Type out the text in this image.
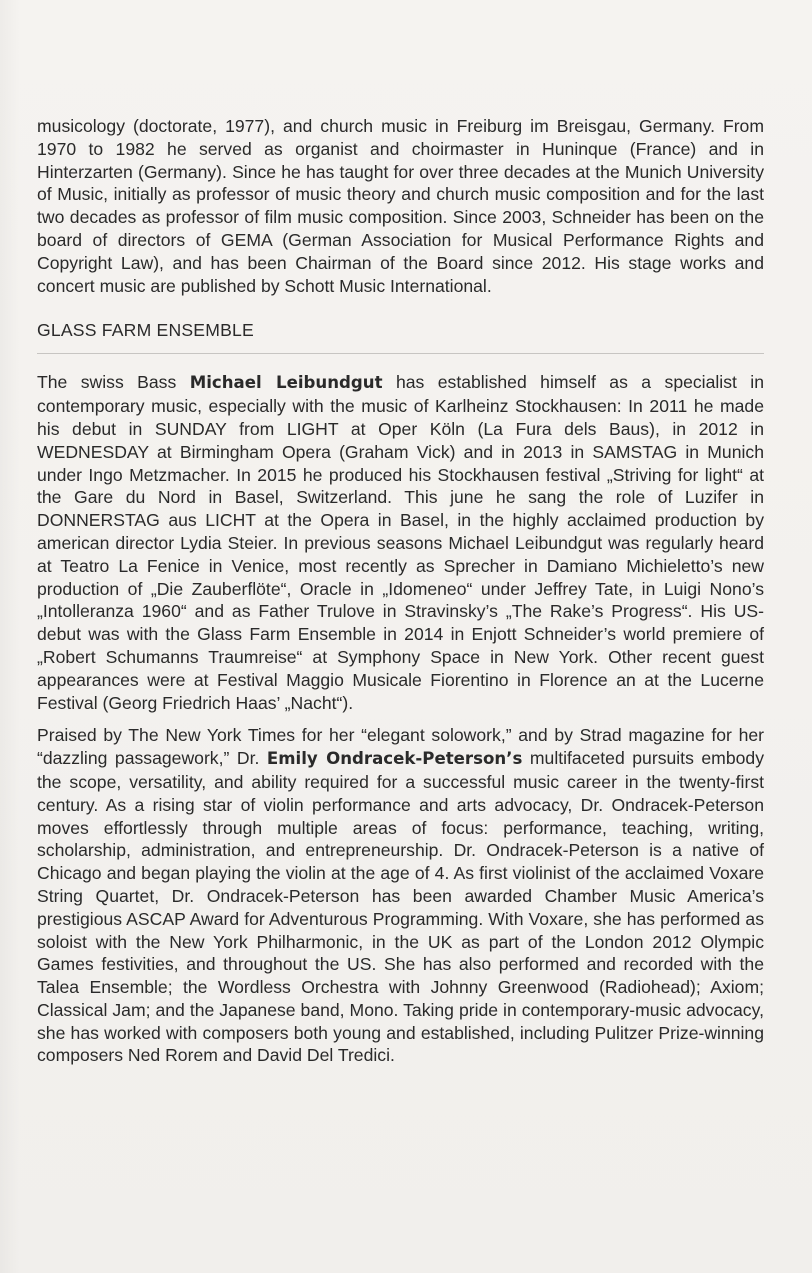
musicology (doctorate, 1977), and church music in Freiburg im Breisgau, Germany. From 1970 to 1982 he served as organist and choirmaster in Huninque (France) and in Hinterzarten (Germany). Since he has taught for over three decades at the Munich University of Music, initially as professor of music theory and church music composition and for the last two decades as professor of film music composition. Since 2003, Schneider has been on the board of directors of GEMA (German Association for Musical Performance Rights and Copyright Law), and has been Chairman of the Board since 2012. His stage works and concert music are published by Schott Music International.

GLASS FARM ENSEMBLE

The swiss Bass Michael Leibundgut has established himself as a specialist in contemporary music, especially with the music of Karlheinz Stockhausen: In 2011 he made his debut in SUNDAY from LIGHT at Oper Köln (La Fura dels Baus), in 2012 in WEDNESDAY at Birmingham Opera (Graham Vick) and in 2013 in SAMSTAG in Munich under Ingo Metzmacher. In 2015 he produced his Stockhausen festival „Striving for light“ at the Gare du Nord in Basel, Switzerland. This june he sang the role of Luzifer in DONNERSTAG aus LICHT at the Opera in Basel, in the highly acclaimed production by american director Lydia Steier. In previous seasons Michael Leibundgut was regularly heard at Teatro La Fenice in Venice, most recently as Sprecher in Damiano Michieletto’s new production of „Die Zauberflöte“, Oracle in „Idomeneo“ under Jeffrey Tate, in Luigi Nono’s „Intolleranza 1960“ and as Father Trulove in Stravinsky’s „The Rake’s Progress“. His US-debut was with the Glass Farm Ensemble in 2014 in Enjott Schneider’s world premiere of „Robert Schumanns Traumreise“ at Symphony Space in New York. Other recent guest appearances were at Festival Maggio Musicale Fiorentino in Florence an at the Lucerne Festival (Georg Friedrich Haas’ „Nacht“).

Praised by The New York Times for her “elegant solowork,” and by Strad magazine for her “dazzling passagework,” Dr. Emily Ondracek-Peterson’s multifaceted pursuits embody the scope, versatility, and ability required for a successful music career in the twenty-first century. As a rising star of violin performance and arts advocacy, Dr. Ondracek-Peterson moves effortlessly through multiple areas of focus: performance, teaching, writing, scholarship, administration, and entrepreneurship. Dr. Ondracek-Peterson is a native of Chicago and began playing the violin at the age of 4. As first violinist of the acclaimed Voxare String Quartet, Dr. Ondracek-Peterson has been awarded Chamber Music America’s prestigious ASCAP Award for Adventurous Programming. With Voxare, she has performed as soloist with the New York Philharmonic, in the UK as part of the London 2012 Olympic Games festivities, and throughout the US. She has also performed and recorded with the Talea Ensemble; the Wordless Orchestra with Johnny Greenwood (Radiohead); Axiom; Classical Jam; and the Japanese band, Mono. Taking pride in contemporary-music advocacy, she has worked with composers both young and established, including Pulitzer Prize-winning composers Ned Rorem and David Del Tredici.
